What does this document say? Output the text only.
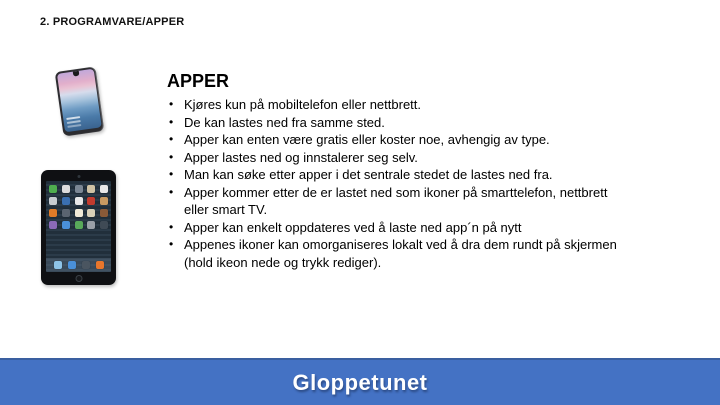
2. PROGRAMVARE/APPER
APPER
• Kjøres kun på mobiltelefon eller nettbrett.
• De kan lastes ned fra samme sted.
• Apper kan enten være gratis eller koster noe, avhengig av type.
• Apper lastes ned og innstalerer seg selv.
• Man kan søke etter apper i det sentrale stedet de lastes ned fra.
• Apper kommer etter de er lastet ned som ikoner på smarttelefon, nettbrett eller smart TV.
• Apper kan enkelt oppdateres ved å laste ned app´n på nytt
• Appenes ikoner kan omorganiseres lokalt ved å dra dem rundt på skjermen (hold ikeon nede og trykk rediger).
Gloppetunet
